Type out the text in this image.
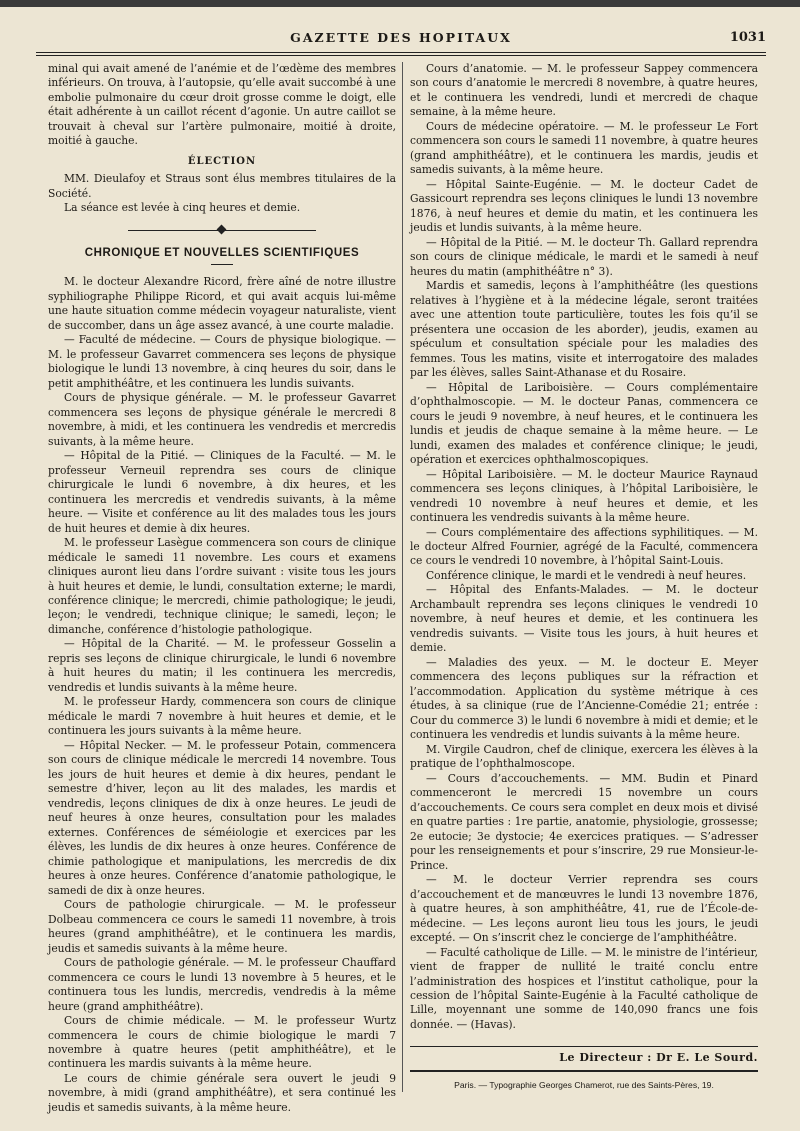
GAZETTE DES HOPITAUX	1031

minal qui avait amené de l’anémie et de l’œdème des membres inférieurs. On trouva, à l’autopsie, qu’elle avait succombé à une embolie pulmonaire du cœur droit grosse comme le doigt, elle était adhérente à un caillot récent d’agonie. Un autre caillot se trouvait à cheval sur l’artère pulmonaire, moitié à droite, moitié à gauche.

ÉLECTION

MM. Dieulafoy et Straus sont élus membres titulaires de la Société.

La séance est levée à cinq heures et demie.

CHRONIQUE ET NOUVELLES SCIENTIFIQUES

M. le docteur Alexandre Ricord, frère aîné de notre illustre syphiliographe Philippe Ricord, et qui avait acquis lui-même une haute situation comme médecin voyageur naturaliste, vient de succomber, dans un âge assez avancé, à une courte maladie.

— Faculté de médecine. — Cours de physique biologique. — M. le professeur Gavarret commencera ses leçons de physique biologique le lundi 13 novembre, à cinq heures du soir, dans le petit amphithéâtre, et les continuera les lundis suivants.

Cours de physique générale. — M. le professeur Gavarret commencera ses leçons de physique générale le mercredi 8 novembre, à midi, et les continuera les vendredis et mercredis suivants, à la même heure.

— Hôpital de la Pitié. — Cliniques de la Faculté. — M. le professeur Verneuil reprendra ses cours de clinique chirurgicale le lundi 6 novembre, à dix heures, et les continuera les mercredis et vendredis suivants, à la même heure. — Visite et conférence au lit des malades tous les jours de huit heures et demie à dix heures.

M. le professeur Lasègue commencera son cours de clinique médicale le samedi 11 novembre. Les cours et examens cliniques auront lieu dans l’ordre suivant : visite tous les jours à huit heures et demie, le lundi, consultation externe; le mardi, conférence clinique; le mercredi, chimie pathologique; le jeudi, leçon; le vendredi, technique clinique; le samedi, leçon; le dimanche, conférence d’histologie pathologique.

— Hôpital de la Charité. — M. le professeur Gosselin a repris ses leçons de clinique chirurgicale, le lundi 6 novembre à huit heures du matin; il les continuera les mercredis, vendredis et lundis suivants à la même heure.

M. le professeur Hardy, commencera son cours de clinique médicale le mardi 7 novembre à huit heures et demie, et le continuera les jours suivants à la même heure.

— Hôpital Necker. — M. le professeur Potain, commencera son cours de clinique médicale le mercredi 14 novembre. Tous les jours de huit heures et demie à dix heures, pendant le semestre d’hiver, leçon au lit des malades, les mardis et vendredis, leçons cliniques de dix à onze heures. Le jeudi de neuf heures à onze heures, consultation pour les malades externes. Conférences de séméiologie et exercices par les élèves, les lundis de dix heures à onze heures. Conférence de chimie pathologique et manipulations, les mercredis de dix heures à onze heures. Conférence d’anatomie pathologique, le samedi de dix à onze heures.

Cours de pathologie chirurgicale. — M. le professeur Dolbeau commencera ce cours le samedi 11 novembre, à trois heures (grand amphithéâtre), et le continuera les mardis, jeudis et samedis suivants à la même heure.

Cours de pathologie générale. — M. le professeur Chauffard commencera ce cours le lundi 13 novembre à 5 heures, et le continuera tous les lundis, mercredis, vendredis à la même heure (grand amphithéâtre).

Cours de chimie médicale. — M. le professeur Wurtz commencera le cours de chimie biologique le mardi 7 novembre à quatre heures (petit amphithéâtre), et le continuera les mardis suivants à la même heure.

Le cours de chimie générale sera ouvert le jeudi 9 novembre, à midi (grand amphithéâtre), et sera continué les jeudis et samedis suivants, à la même heure.

Cours d’anatomie. — M. le professeur Sappey commencera son cours d’anatomie le mercredi 8 novembre, à quatre heures, et le continuera les vendredi, lundi et mercredi de chaque semaine, à la même heure.

Cours de médecine opératoire. — M. le professeur Le Fort commencera son cours le samedi 11 novembre, à quatre heures (grand amphithéâtre), et le continuera les mardis, jeudis et samedis suivants, à la même heure.

— Hôpital Sainte-Eugénie. — M. le docteur Cadet de Gassicourt reprendra ses leçons cliniques le lundi 13 novembre 1876, à neuf heures et demie du matin, et les continuera les jeudis et lundis suivants, à la même heure.

— Hôpital de la Pitié. — M. le docteur Th. Gallard reprendra son cours de clinique médicale, le mardi et le samedi à neuf heures du matin (amphithéâtre n° 3).

Mardis et samedis, leçons à l’amphithéâtre (les questions relatives à l’hygiène et à la médecine légale, seront traitées avec une attention toute particulière, toutes les fois qu’il se présentera une occasion de les aborder), jeudis, examen au spéculum et consultation spéciale pour les maladies des femmes. Tous les matins, visite et interrogatoire des malades par les élèves, salles Saint-Athanase et du Rosaire.

— Hôpital de Lariboisière. — Cours complémentaire d’ophthalmoscopie. — M. le docteur Panas, commencera ce cours le jeudi 9 novembre, à neuf heures, et le continuera les lundis et jeudis de chaque semaine à la même heure. — Le lundi, examen des malades et conférence clinique; le jeudi, opération et exercices ophthalmoscopiques.

— Hôpital Lariboisière. — M. le docteur Maurice Raynaud commencera ses leçons cliniques, à l’hôpital Lariboisière, le vendredi 10 novembre à neuf heures et demie, et les continuera les vendredis suivants à la même heure.

— Cours complémentaire des affections syphilitiques. — M. le docteur Alfred Fournier, agrégé de la Faculté, commencera ce cours le vendredi 10 novembre, à l’hôpital Saint-Louis.

Conférence clinique, le mardi et le vendredi à neuf heures.

— Hôpital des Enfants-Malades. — M. le docteur Archambault reprendra ses leçons cliniques le vendredi 10 novembre, à neuf heures et demie, et les continuera les vendredis suivants. — Visite tous les jours, à huit heures et demie.

— Maladies des yeux. — M. le docteur E. Meyer commencera des leçons publiques sur la réfraction et l’accommodation. Application du système métrique à ces études, à sa clinique (rue de l’Ancienne-Comédie 21; entrée : Cour du commerce 3) le lundi 6 novembre à midi et demie; et le continuera les vendredis et lundis suivants à la même heure.

M. Virgile Caudron, chef de clinique, exercera les élèves à la pratique de l’ophthalmoscope.

— Cours d’accouchements. — MM. Budin et Pinard commenceront le mercredi 15 novembre un cours d’accouchements. Ce cours sera complet en deux mois et divisé en quatre parties : 1re partie, anatomie, physiologie, grossesse; 2e eutocie; 3e dystocie; 4e exercices pratiques. — S’adresser pour les renseignements et pour s’inscrire, 29 rue Monsieur-le-Prince.

— M. le docteur Verrier reprendra ses cours d’accouchement et de manœuvres le lundi 13 novembre 1876, à quatre heures, à son amphithéâtre, 41, rue de l’École-de-médecine. — Les leçons auront lieu tous les jours, le jeudi excepté. — On s’inscrit chez le concierge de l’amphithéâtre.

— Faculté catholique de Lille. — M. le ministre de l’intérieur, vient de frapper de nullité le traité conclu entre l’administration des hospices et l’institut catholique, pour la cession de l’hôpital Sainte-Eugénie à la Faculté catholique de Lille, moyennant une somme de 140,090 francs une fois donnée. — (Havas).

Le Directeur : Dr E. Le Sourd.
Paris. — Typographie Georges Chamerot, rue des Saints-Pères, 19.
